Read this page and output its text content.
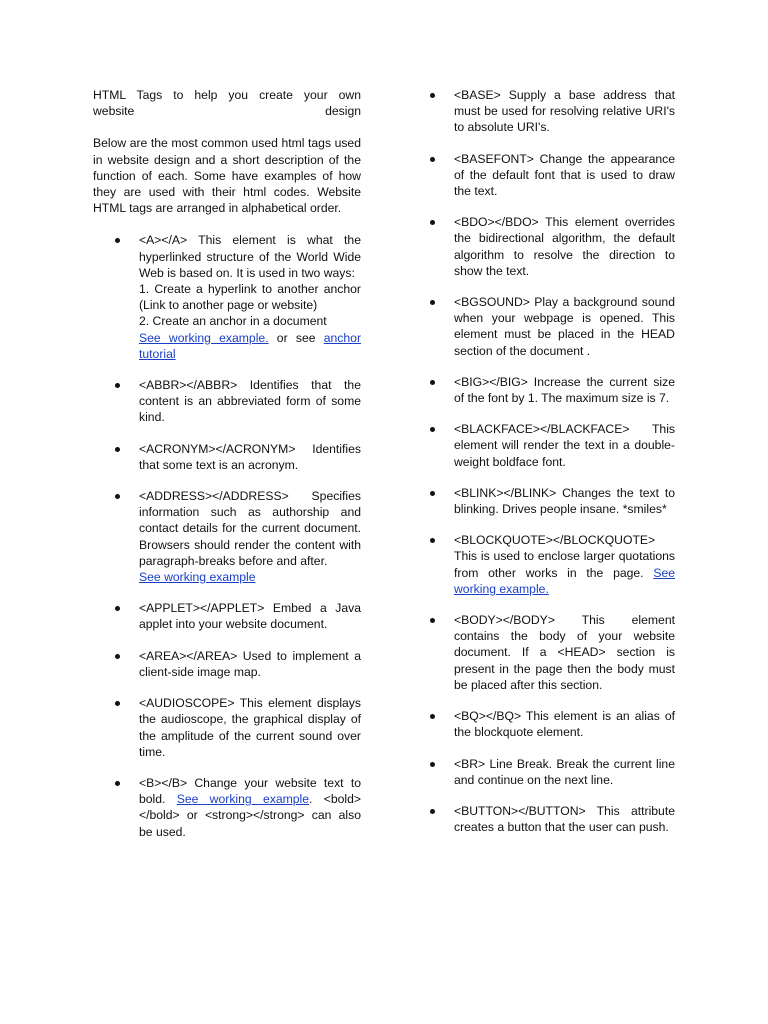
HTML Tags to help you create your own

website design

Below are the most common used html tags used in website design and a short description of the function of each. Some have examples of how they are used with their html codes. Website HTML tags are arranged in alphabetical order.

<A></A> This element is what the hyperlinked structure of the World Wide Web is based on. It is used in two ways:
1. Create a hyperlink to another anchor (Link to another page or website)
2. Create an anchor in a document
See working example. or see anchor tutorial
<ABBR></ABBR> Identifies that the content is an abbreviated form of some kind.
<ACRONYM></ACRONYM> Identifies that some text is an acronym.
<ADDRESS></ADDRESS> Specifies information such as authorship and contact details for the current document. Browsers should render the content with paragraph-breaks before and after.
See working example
<APPLET></APPLET> Embed a Java applet into your website document.
<AREA></AREA> Used to implement a client-side image map.
<AUDIOSCOPE> This element displays the audioscope, the graphical display of the amplitude of the current sound over time.
<B></B> Change your website text to bold. See working example. <bold></bold> or <strong></strong> can also be used.
<BASE> Supply a base address that must be used for resolving relative URI's to absolute URI's.
<BASEFONT> Change the appearance of the default font that is used to draw the text.
<BDO></BDO> This element overrides the bidirectional algorithm, the default algorithm to resolve the direction to show the text.
<BGSOUND> Play a background sound when your webpage is opened. This element must be placed in the HEAD section of the document .
<BIG></BIG> Increase the current size of the font by 1. The maximum size is 7.
<BLACKFACE></BLACKFACE> This element will render the text in a double-weight boldface font.
<BLINK></BLINK> Changes the text to blinking. Drives people insane. *smiles*
<BLOCKQUOTE></BLOCKQUOTE> This is used to enclose larger quotations from other works in the page. See working example.
<BODY></BODY> This element contains the body of your website document. If a <HEAD> section is present in the page then the body must be placed after this section.
<BQ></BQ> This element is an alias of the blockquote element.
<BR> Line Break. Break the current line and continue on the next line.
<BUTTON></BUTTON> This attribute creates a button that the user can push.
